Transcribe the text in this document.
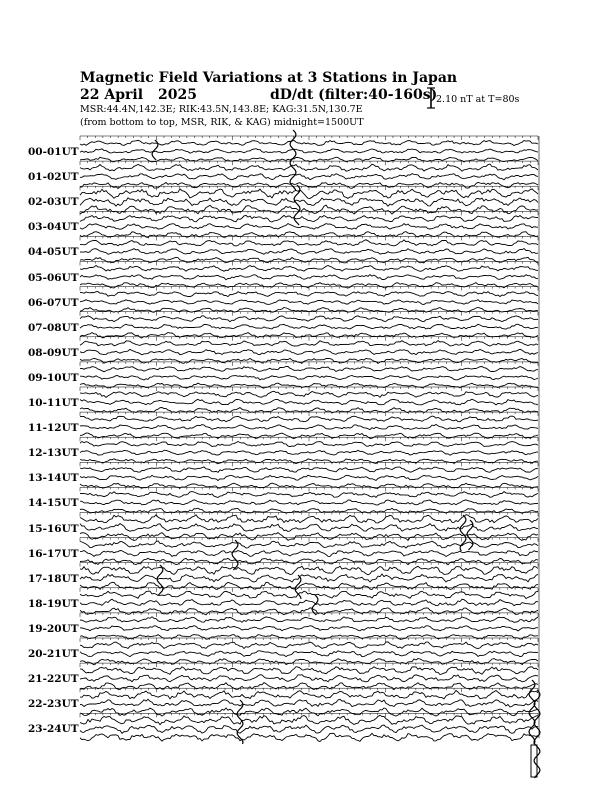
Magnetic Field Variations at 3 Stations in Japan
22 April 2025	dD/dt (filter:40-160s)
MSR:44.4N,142.3E; RIK:43.5N,143.8E; KAG:31.5N,130.7E
(from bottom to top, MSR, RIK, & KAG) midnight=1500UT
2.10 nT at T=80s
00-01UT
01-02UT
02-03UT
03-04UT
04-05UT
05-06UT
06-07UT
07-08UT
08-09UT
09-10UT
10-11UT
11-12UT
12-13UT
13-14UT
14-15UT
15-16UT
16-17UT
17-18UT
18-19UT
19-20UT
20-21UT
21-22UT
22-23UT
23-24UT
